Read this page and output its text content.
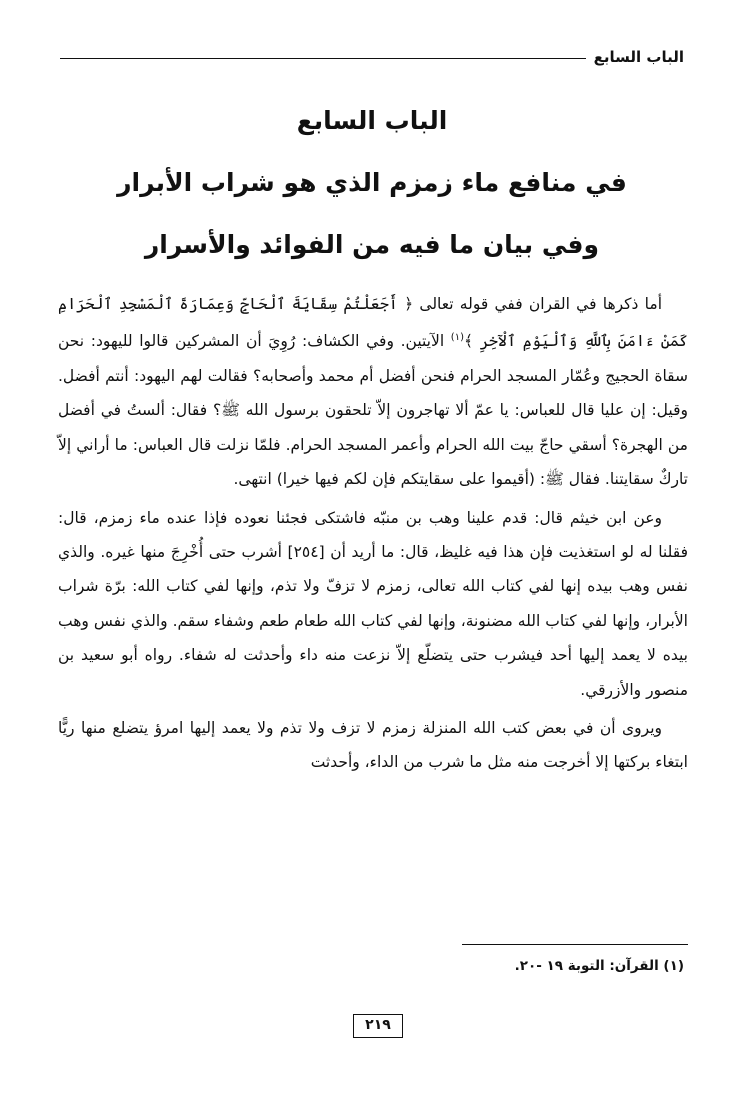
الباب السابع
الباب السابع
في منافع ماء زمزم الذي هو شراب الأبرار
وفي بيان ما فيه من الفوائد والأسرار

أما ذكرها في القران ففي قوله تعالى ﴿ أَجَعَلْتُمْ سِقَايَةَ ٱلْحَاجِّ وَعِمَارَةَ ٱلْمَسْجِدِ ٱلْحَرَامِ كَمَنْ ءَامَنَ بِٱللَّهِ وَٱلْيَوْمِ ٱلْآخِرِ ﴾$^{(١)}$ الآيتين. وفي الكشاف: رُوِيَ أن المشركين قالوا لليهود: نحن سقاة الحجيج وعُمّار المسجد الحرام فنحن أفضل أم محمد وأصحابه؟ فقالت لهم اليهود: أنتم أفضل. وقيل: إن عليا قال للعباس: يا عمّ ألا تهاجرون إلاّ تلحقون برسول الله ﷺ؟ فقال: ألستُ في أفضل من الهجرة؟ أسقي حاجّ بيت الله الحرام وأعمر المسجد الحرام. فلمّا نزلت قال العباس: ما أراني إلاّ تاركٌ سقايتنا. فقال ﷺ: (أقيموا على سقايتكم فإن لكم فيها خيرا) انتهى.

وعن ابن خيثم قال: قدم علينا وهب بن منبّه فاشتكى فجئنا نعوده فإذا عنده ماء زمزم، قال: فقلنا له لو استغذيت فإن هذا فيه غليظ، قال: ما أريد أن [٢٥٤] أشرب حتى أُخْرِجَ منها غيره. والذي نفس وهب بيده إنها لفي كتاب الله تعالى، زمزم لا تزفّ ولا تذم، وإنها لفي كتاب الله: برّة شراب الأبرار، وإنها لفي كتاب الله مضنونة، وإنها لفي كتاب الله طعام طعم وشفاء سقم. والذي نفس وهب بيده لا يعمد إليها أحد فيشرب حتى يتضلّع إلاّ نزعت منه داء وأحدثت له شفاء. رواه أبو سعيد بن منصور والأزرقي.

ويروى أن في بعض كتب الله المنزلة زمزم لا تزف ولا تذم ولا يعمد إليها امرؤ يتضلع منها ريًّا ابتغاء بركتها إلا أخرجت منه مثل ما شرب من الداء، وأحدثت

(١) القرآن: التوبة ١٩ -٢٠.
٢١٩
